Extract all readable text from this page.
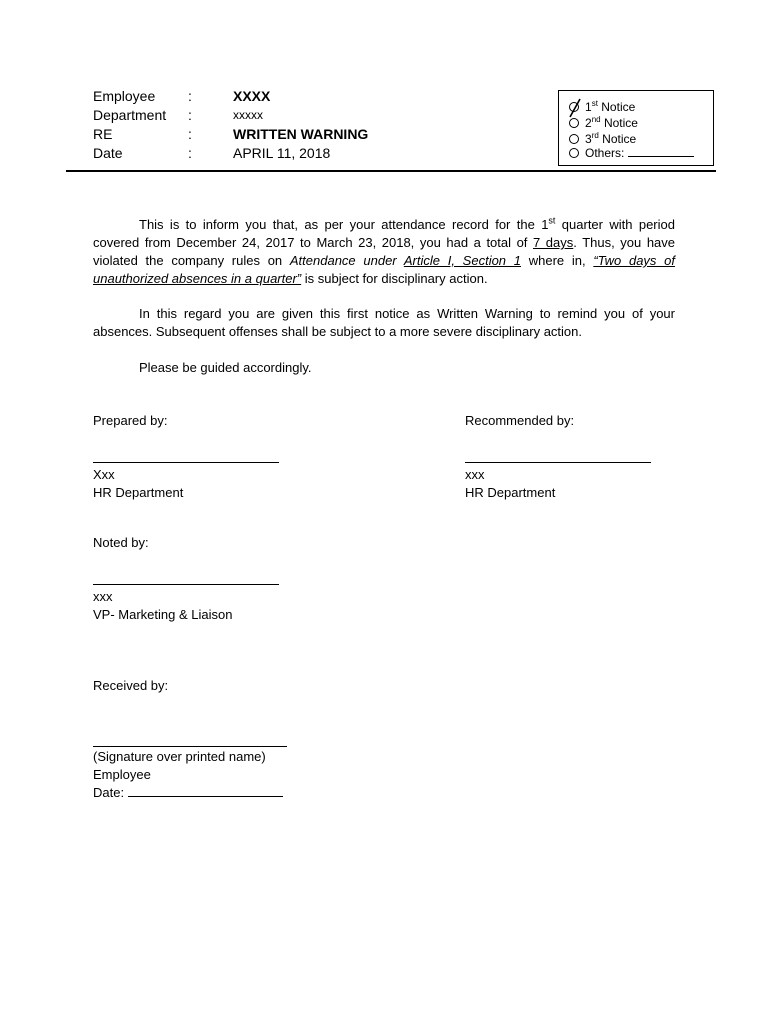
Employee :	XXXX
Department :	xxxxx
RE	:	WRITTEN WARNING
Date	:	APRIL 11, 2018
1st Notice
2nd Notice
3rd Notice
Others:
This is to inform you that, as per your attendance record for the 1st quarter with period covered from December 24, 2017 to March 23, 2018, you had a total of 7 days. Thus, you have violated the company rules on Attendance under Article I, Section 1 where in, “Two days of unauthorized absences in a quarter” is subject for disciplinary action.
In this regard you are given this first notice as Written Warning to remind you of your absences. Subsequent offenses shall be subject to a more severe disciplinary action.
Please be guided accordingly.
Prepared by:
Xxx
HR Department
Recommended by:
xxx
HR Department
Noted by:
xxx
VP- Marketing & Liaison
Received by:
(Signature over printed name)
Employee
Date:
